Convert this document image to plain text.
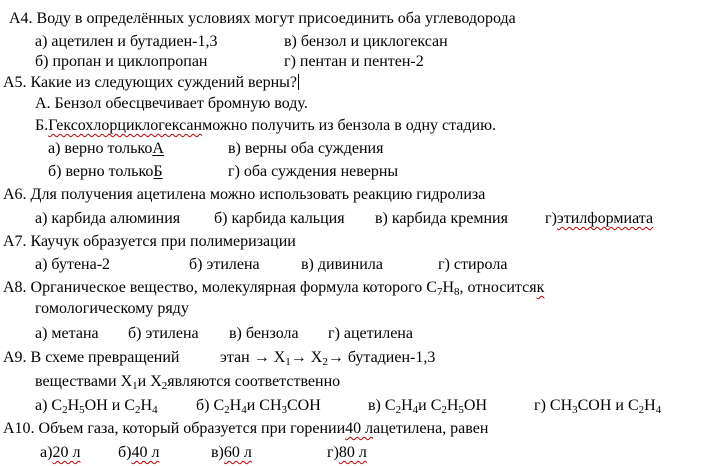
А4. Воду в определённых условиях могут присоединить оба углеводорода
а) ацетилен и бутадиен-1,3	в) бензол и циклогексан
б) пропан и циклопропан	г) пентан и пентен-2
А5. Какие из следующих суждений верны?
А. Бензол обесцвечивает бромную воду.
Б.Гексохлорциклогексанможно получить из бензола в одну стадию.
а) верно толькоА	в) верны оба суждения
б) верно толькоБ	г) оба суждения неверны
А6. Для получения ацетилена можно использовать реакцию гидролиза
а) карбида алюминия б) карбида кальция в) карбида кремния г)этилформиата
А7. Каучук образуется при полимеризации
а) бутена-2	б) этилена	в) дивинила	г) стирола
А8. Органическое вещество, молекулярная формула которого $C_7H_8$, относитсяк
гомологическому ряду
а) метана б) этилена в) бензола г) ацетилена
А9. В схеме превращений	этан → $X_1\to X_2\to$ бутадиен-1,3
веществами $X_1и$ $X_2являются$ соответственно
а) $C_2H_5OH$ и $C_2H_4$ б) $C_2H_4и$ $CH_3COH$	в) $C_2H_4и$ $C_2H_5OH$	г) $CH_3COH$ и $C_2H_4$
А10. Объем газа, который образуется при горении40 лацетилена, равен
а)20 л б)40 л	в)60 л	г)80 л
